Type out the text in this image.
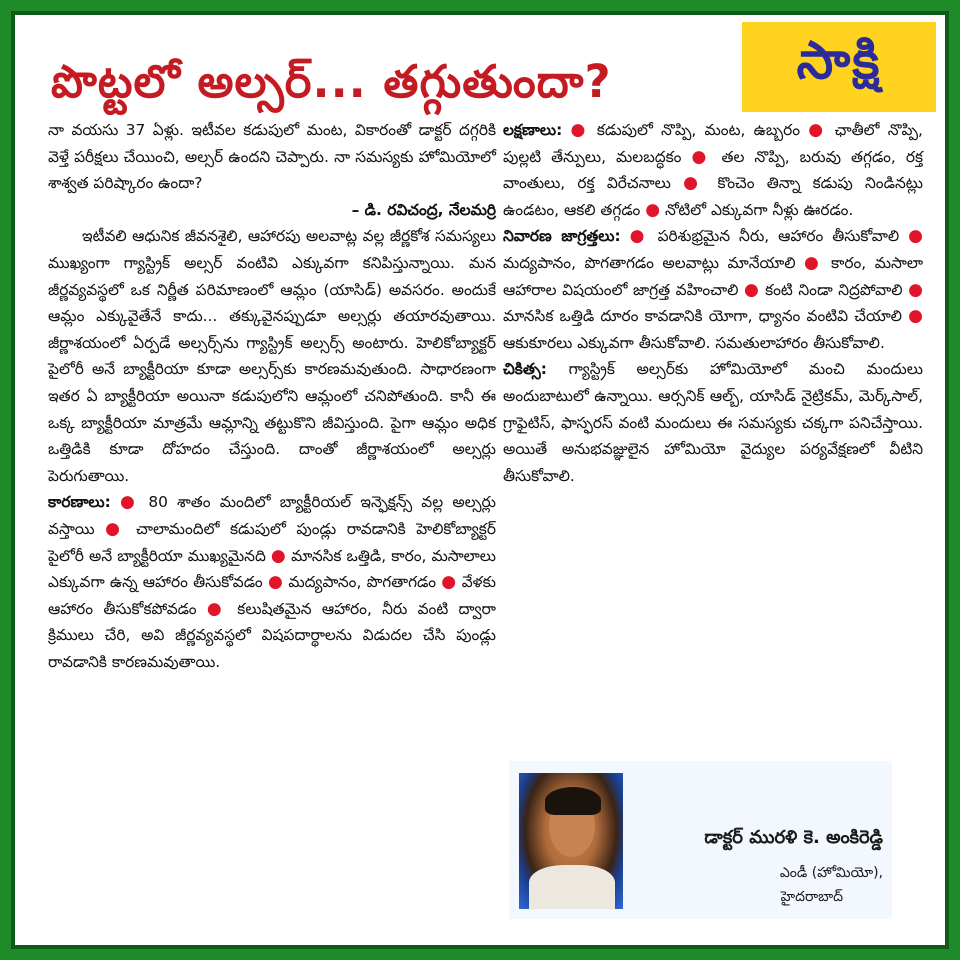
పొట్టలో అల్సర్... తగ్గుతుందా?	సాక్షి

నా వయసు 37 ఏళ్లు. ఇటీవల కడుపులో మంట, వికారంతో డాక్టర్ దగ్గరికి వెళ్తే పరీక్షలు చేయించి, అల్సర్ ఉందని చెప్పారు. నా సమస్యకు హోమియోలో శాశ్వత పరిష్కారం ఉందా?

– డి. రవిచంద్ర, నేలమర్రి

ఇటీవలి ఆధునిక జీవనశైలి, ఆహారపు అలవాట్ల వల్ల జీర్ణకోశ సమస్యలు ముఖ్యంగా గ్యాస్ట్రిక్ అల్సర్ వంటివి ఎక్కువగా కనిపిస్తున్నాయి. మన జీర్ణవ్యవస్థలో ఒక నిర్ణీత పరిమాణంలో ఆమ్లం (యాసిడ్) అవసరం. అందుకే ఆమ్లం ఎక్కువైతేనే కాదు... తక్కువైనప్పుడూ అల్సర్లు తయారవుతాయి. జీర్ణాశయంలో ఏర్పడే అల్సర్స్‌ను గ్యాస్ట్రిక్ అల్సర్స్ అంటారు. హెలికోబ్యాక్టర్ పైలోరీ అనే బ్యాక్టీరియా కూడా అల్సర్స్‌కు కారణమవుతుంది. సాధారణంగా ఇతర ఏ బ్యాక్టీరియా అయినా కడుపులోని ఆమ్లంలో చనిపోతుంది. కానీ ఈ ఒక్క బ్యాక్టీరియా మాత్రమే ఆమ్లాన్ని తట్టుకొని జీవిస్తుంది. పైగా ఆమ్లం అధిక ఒత్తిడికి కూడా దోహదం చేస్తుంది. దాంతో జీర్ణాశయంలో అల్సర్లు పెరుగుతాయి.

కారణాలు: ● 80 శాతం మందిలో బ్యాక్టీరియల్ ఇన్ఫెక్షన్స్ వల్ల అల్సర్లు వస్తాయి ● చాలామందిలో కడుపులో పుండ్లు రావడానికి హెలికోబ్యాక్టర్ పైలోరీ అనే బ్యాక్టీరియా ముఖ్యమైనది ● మానసిక ఒత్తిడి, కారం, మసాలాలు ఎక్కువగా ఉన్న ఆహారం తీసుకోవడం ● మద్యపానం, పొగతాగడం ● వేళకు ఆహారం తీసుకోకపోవడం ● కలుషితమైన ఆహారం, నీరు వంటి ద్వారా క్రిములు చేరి, అవి జీర్ణవ్యవస్థలో విషపదార్థాలను విడుదల చేసి పుండ్లు రావడానికి కారణమవుతాయి.

లక్షణాలు: ● కడుపులో నొప్పి, మంట, ఉబ్బరం ● ఛాతీలో నొప్పి, పుల్లటి తేన్పులు, మలబద్ధకం ● తల నొప్పి, బరువు తగ్గడం, రక్త వాంతులు, రక్త విరేచనాలు ● కొంచెం తిన్నా కడుపు నిండినట్లు ఉండటం, ఆకలి తగ్గడం ● నోటిలో ఎక్కువగా నీళ్లు ఊరడం.

నివారణ జాగ్రత్తలు: ● పరిశుభ్రమైన నీరు, ఆహారం తీసుకోవాలి ● మద్యపానం, పొగతాగడం అలవాట్లు మానేయాలి ● కారం, మసాలా ఆహారాల విషయంలో జాగ్రత్త వహించాలి ● కంటి నిండా నిద్రపోవాలి ● మానసిక ఒత్తిడి దూరం కావడానికి యోగా, ధ్యానం వంటివి చేయాలి ● ఆకుకూరలు ఎక్కువగా తీసుకోవాలి. సమతులాహారం తీసుకోవాలి.

చికిత్స: గ్యాస్ట్రిక్ అల్సర్‌కు హోమియోలో మంచి మందులు అందుబాటులో ఉన్నాయి. ఆర్సనిక్ ఆల్బ్, యాసిడ్ నైట్రికమ్, మెర్క్‌సాల్, గ్రాఫైటిస్, ఫాస్ఫరస్ వంటి మందులు ఈ సమస్యకు చక్కగా పనిచేస్తాయి. అయితే అనుభవజ్ఞులైన హోమియో వైద్యుల పర్యవేక్షణలో వీటిని తీసుకోవాలి.

డాక్టర్ మురళి కె. అంకిరెడ్డి
ఎండీ (హోమియో),
హైదరాబాద్
